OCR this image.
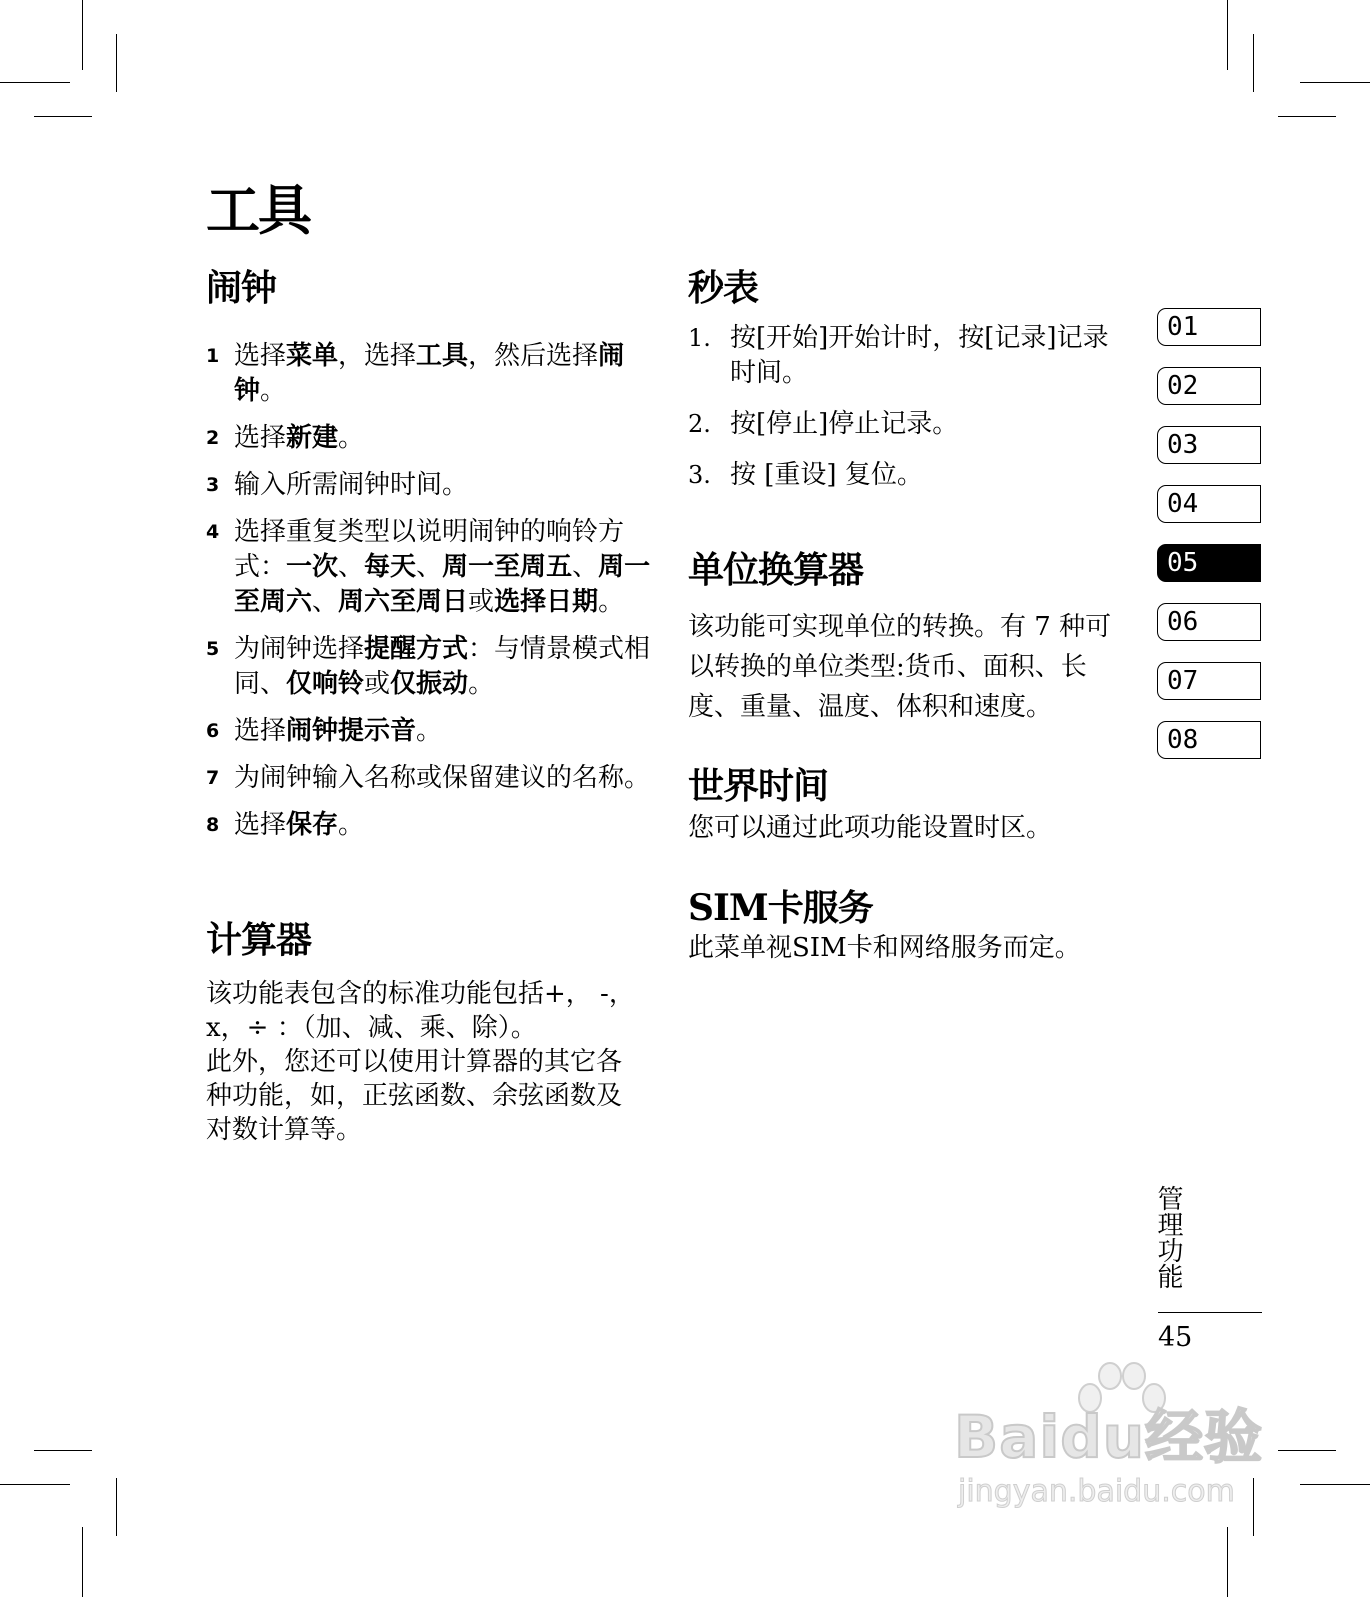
工具
闹钟
1 选择菜单，选择工具，然后选择闹钟。
2 选择新建。
3 输入所需闹钟时间。
4 选择重复类型以说明闹钟的响铃方式：一次、每天、周一至周五、周一至周六、周六至周日或选择日期。
5 为闹钟选择提醒方式：与情景模式相同、仅响铃或仅振动。
6 选择闹钟提示音。
7 为闹钟输入名称或保留建议的名称。
8 选择保存。
计算器
该功能表包含的标准功能包括+， -，
x，÷ ：（加、减、乘、除）。
此外，您还可以使用计算器的其它各
种功能，如，正弦函数、余弦函数及
对数计算等。
秒表
1. 按[开始]开始计时，按[记录]记录时间。
2. 按[停止]停止记录。
3. 按 [重设] 复位。
单位换算器

该功能可实现单位的转换。有 7 种可以转换的单位类型:货币、面积、长度、重量、温度、体积和速度。

世界时间

您可以通过此项功能设置时区。

SIM卡服务

此菜单视SIM卡和网络服务而定。

01
02
03
04
05
06
07
08
管理功能
45
Baidu经验
jingyan.baidu.com
